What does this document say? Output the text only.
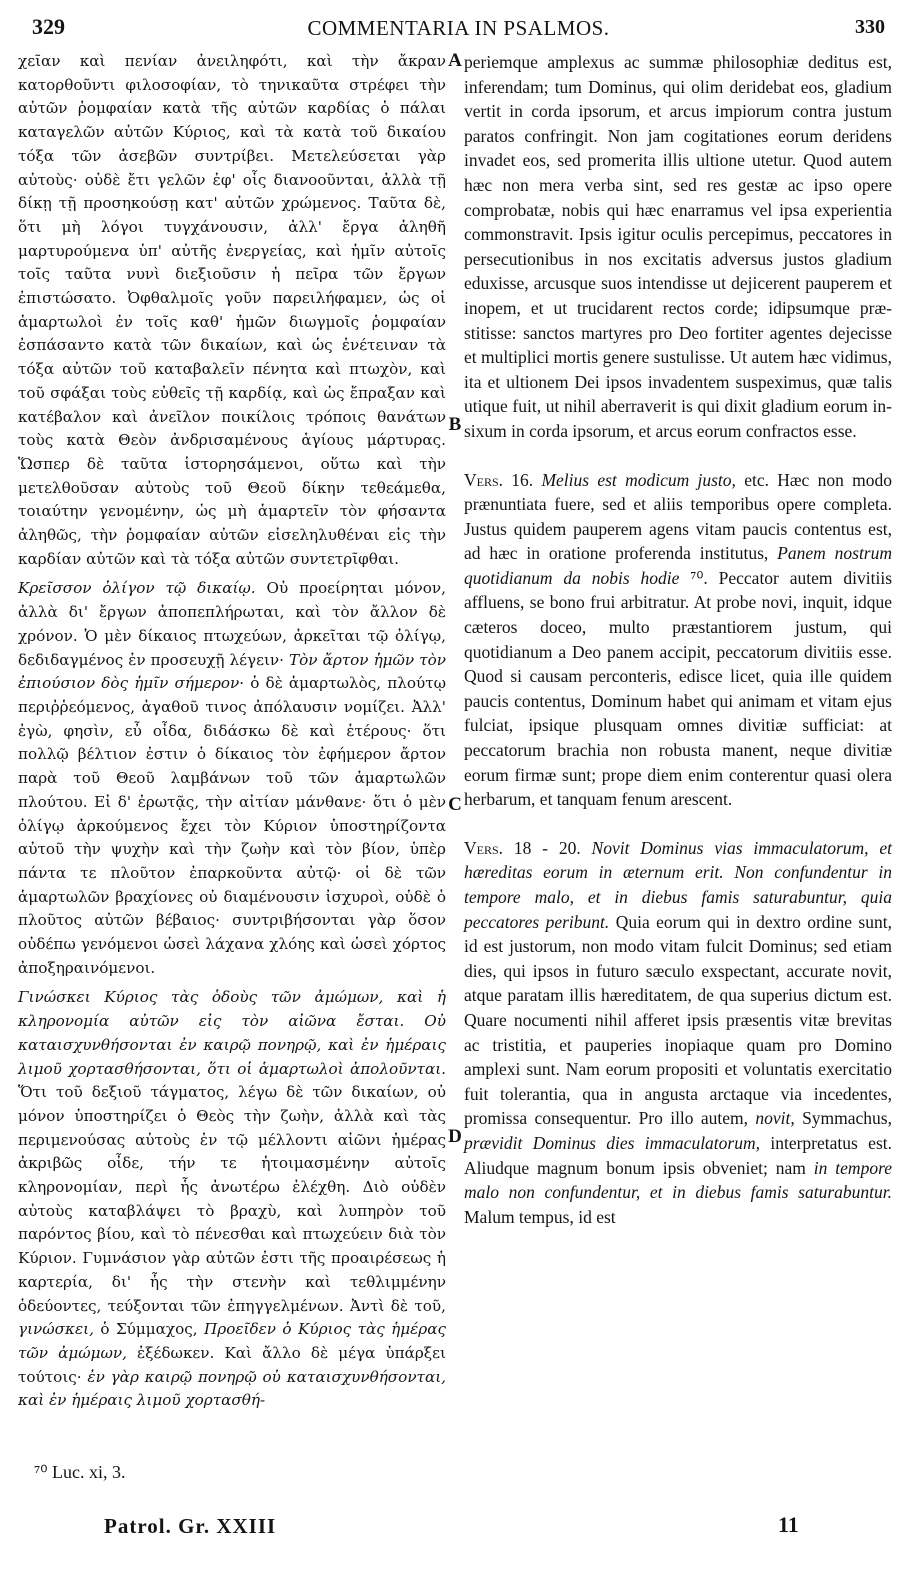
329	COMMENTARIA IN PSALMOS.	330

χεῖαν καὶ πενίαν ἀνειληφότι, καὶ τὴν ἄκραν κατορθοῦντι φιλοσοφίαν, τὸ τηνικαῦτα στρέφει τὴν αὐτῶν ῥομφαίαν κατὰ τῆς αὐτῶν καρδίας ὁ πάλαι καταγελῶν αὐτῶν Κύριος, καὶ τὰ κατὰ τοῦ δικαίου τόξα τῶν ἀσεβῶν συντρίβει. Μετελεύσεται γὰρ αὐτοὺς· οὐδὲ ἔτι γελῶν ἐφ' οἷς διανοοῦνται, ἀλλὰ τῇ δίκῃ τῇ προσηκούσῃ κατ' αὐτῶν χρώμενος. Ταῦτα δὲ, ὅτι μὴ λόγοι τυγχάνουσιν, ἀλλ' ἔργα ἀληθῆ μαρτυρούμενα ὑπ' αὐτῆς ἐνεργείας, καὶ ἡμῖν αὐτοῖς τοῖς ταῦτα νυνὶ διεξιοῦσιν ἡ πεῖρα τῶν ἔργων ἐπιστώσατο. Ὀφθαλμοῖς γοῦν παρειλήφαμεν, ὡς οἱ ἁμαρτωλοὶ ἐν τοῖς καθ' ἡμῶν διωγμοῖς ῥομφαίαν ἐσπάσαντο κατὰ τῶν δικαίων, καὶ ὡς ἐνέτειναν τὰ τόξα αὐτῶν τοῦ καταβαλεῖν πένητα καὶ πτωχὸν, καὶ τοῦ σφάξαι τοὺς εὐθεῖς τῇ καρδίᾳ, καὶ ὡς ἔπραξαν καὶ κατέβαλον καὶ ἀνεῖλον ποικίλοις τρόποις θανάτων τοὺς κατὰ Θεὸν ἀνδρισαμένους ἁγίους μάρτυρας. Ὥσπερ δὲ ταῦτα ἱστορησάμενοι, οὕτω καὶ τὴν μετελθοῦσαν αὐτοὺς τοῦ Θεοῦ δίκην τεθεάμεθα, τοιαύτην γενομένην, ὡς μὴ ἁμαρτεῖν τὸν φήσαντα ἀληθῶς, τὴν ῥομφαίαν αὐτῶν εἰσεληλυθέναι εἰς τὴν καρδίαν αὐτῶν καὶ τὰ τόξα αὐτῶν συντετρῖφθαι.

Κρεῖσσον ὀλίγον τῷ δικαίῳ. Οὐ προείρηται μόνον, ἀλλὰ δι' ἔργων ἀποπεπλήρωται, καὶ τὸν ἄλλον δὲ χρόνον. Ὁ μὲν δίκαιος πτωχεύων, ἀρκεῖται τῷ ὀλίγῳ, δεδιδαγμένος ἐν προσευχῇ λέγειν· Τὸν ἄρτον ἡμῶν τὸν ἐπιούσιον δὸς ἡμῖν σήμερον· ὁ δὲ ἁμαρτωλὸς, πλούτῳ περιῤῥεόμενος, ἀγαθοῦ τινος ἀπόλαυσιν νομίζει. Ἀλλ' ἐγὼ, φησὶν, εὖ οἶδα, διδάσκω δὲ καὶ ἑτέρους· ὅτι πολλῷ βέλτιον ἐστιν ὁ δίκαιος τὸν ἐφήμερον ἄρτον παρὰ τοῦ Θεοῦ λαμβάνων τοῦ τῶν ἁμαρτωλῶν πλούτου. Εἰ δ' ἐρωτᾷς, τὴν αἰτίαν μάνθανε· ὅτι ὁ μὲν ὀλίγῳ ἀρκούμενος ἔχει τὸν Κύριον ὑποστηρίζοντα αὐτοῦ τὴν ψυχὴν καὶ τὴν ζωὴν καὶ τὸν βίον, ὑπὲρ πάντα τε πλοῦτον ἐπαρκοῦντα αὐτῷ· οἱ δὲ τῶν ἁμαρτωλῶν βραχίονες οὐ διαμένουσιν ἰσχυροὶ, οὐδὲ ὁ πλοῦτος αὐτῶν βέβαιος· συντριβήσονται γὰρ ὅσον οὐδέπω γενόμενοι ὡσεὶ λάχανα χλόης καὶ ὡσεὶ χόρτος ἀποξηραινόμενοι.

Γινώσκει Κύριος τὰς ὁδοὺς τῶν ἀμώμων, καὶ ἡ κληρονομία αὐτῶν εἰς τὸν αἰῶνα ἔσται. Οὐ καταισχυνθήσονται ἐν καιρῷ πονηρῷ, καὶ ἐν ἡμέραις λιμοῦ χορτασθήσονται, ὅτι οἱ ἁμαρτωλοὶ ἀπολοῦνται. Ὅτι τοῦ δεξιοῦ τάγματος, λέγω δὲ τῶν δικαίων, οὐ μόνον ὑποστηρίζει ὁ Θεὸς τὴν ζωὴν, ἀλλὰ καὶ τὰς περιμενούσας αὐτοὺς ἐν τῷ μέλλοντι αἰῶνι ἡμέρας ἀκριβῶς οἶδε, τήν τε ἡτοιμασμένην αὐτοῖς κληρονομίαν, περὶ ἧς ἀνωτέρω ἐλέχθη. Διὸ οὐδὲν αὐτοὺς καταβλάψει τὸ βραχὺ, καὶ λυπηρὸν τοῦ παρόντος βίου, καὶ τὸ πένεσθαι καὶ πτωχεύειν διὰ τὸν Κύριον. Γυμνάσιον γὰρ αὐτῶν ἐστι τῆς προαιρέσεως ἡ καρτερία, δι' ἧς τὴν στενὴν καὶ τεθλιμμένην ὁδεύοντες, τεύξονται τῶν ἐπηγγελμένων. Ἀντὶ δὲ τοῦ, γινώσκει, ὁ Σύμμαχος, Προεῖδεν ὁ Κύριος τὰς ἡμέρας τῶν ἀμώμων, ἐξέδωκεν. Καὶ ἄλλο δὲ μέγα ὑπάρξει τούτοις· ἐν γὰρ καιρῷ πονηρῷ οὐ καταισχυνθήσονται, καὶ ἐν ἡμέραις λιμοῦ χορτασθή-

A
B
C
D

periemque amplexus ac summæ philosophiæ deditus est, inferendam; tum Dominus, qui olim deridebat eos, gladium vertit in corda ipsorum, et arcus impiorum contra justum paratos confringit. Non jam cogitationes eorum deridens invadet eos, sed promerita illis ultione utetur. Quod autem hæc non mera verba sint, sed res gestæ ac ipso opere comprobatæ, nobis qui hæc enarramus vel ipsa experientia commonstravit. Ipsis igitur oculis percepimus, peccatores in persecutionibus in nos excitatis adversus justos gladium eduxisse, arcusque suos intendisse ut dejicerent pauperem et inopem, et ut trucidarent rectos corde; idipsumque præstitisse: sanctos martyres pro Deo fortiter agentes dejecisse et multiplici mortis genere sustulisse. Ut autem hæc vidimus, ita et ultionem Dei ipsos invadentem suspeximus, quæ talis utique fuit, ut nihil aberraverit is qui dixit gladium eorum insixum in corda ipsorum, et arcus eorum confractos esse.

Vers. 16. Melius est modicum justo, etc. Hæc non modo prænuntiata fuere, sed et aliis temporibus opere completa. Justus quidem pauperem agens vitam paucis contentus est, ad hæc in oratione proferenda institutus, Panem nostrum quotidianum da nobis hodie ⁷⁰. Peccator autem divitiis affluens, se bono frui arbitratur. At probe novi, inquit, idque cæteros doceo, multo præstantiorem justum, qui quotidianum a Deo panem accipit, peccatorum divitiis esse. Quod si causam perconteris, edisce licet, quia ille quidem paucis contentus, Dominum habet qui animam et vitam ejus fulciat, ipsique plusquam omnes divitiæ sufficiat: at peccatorum brachia non robusta manent, neque divitiæ eorum firmæ sunt; prope diem enim conterentur quasi olera herbarum, et tanquam fenum arescent.

Vers. 18 - 20. Novit Dominus vias immaculatorum, et hæreditas eorum in æternum erit. Non confundentur in tempore malo, et in diebus famis saturabuntur, quia peccatores peribunt. Quia eorum qui in dextro ordine sunt, id est justorum, non modo vitam fulcit Dominus; sed etiam dies, qui ipsos in futuro sæculo exspectant, accurate novit, atque paratam illis hæreditatem, de qua superius dictum est. Quare nocumenti nihil afferet ipsis præsentis vitæ brevitas ac tristitia, et pauperies inopiaque quam pro Domino amplexi sunt. Nam eorum propositi et voluntatis exercitatio fuit tolerantia, qua in angusta arctaque via incedentes, promissa consequentur. Pro illo autem, novit, Symmachus, prævidit Dominus dies immaculatorum, interpretatus est. Aliudque magnum bonum ipsis obveniet; nam in tempore malo non confundentur, et in diebus famis saturabuntur. Malum tempus, id est

⁷⁰ Luc. xi, 3.
Patrol. Gr. XXIII	11
